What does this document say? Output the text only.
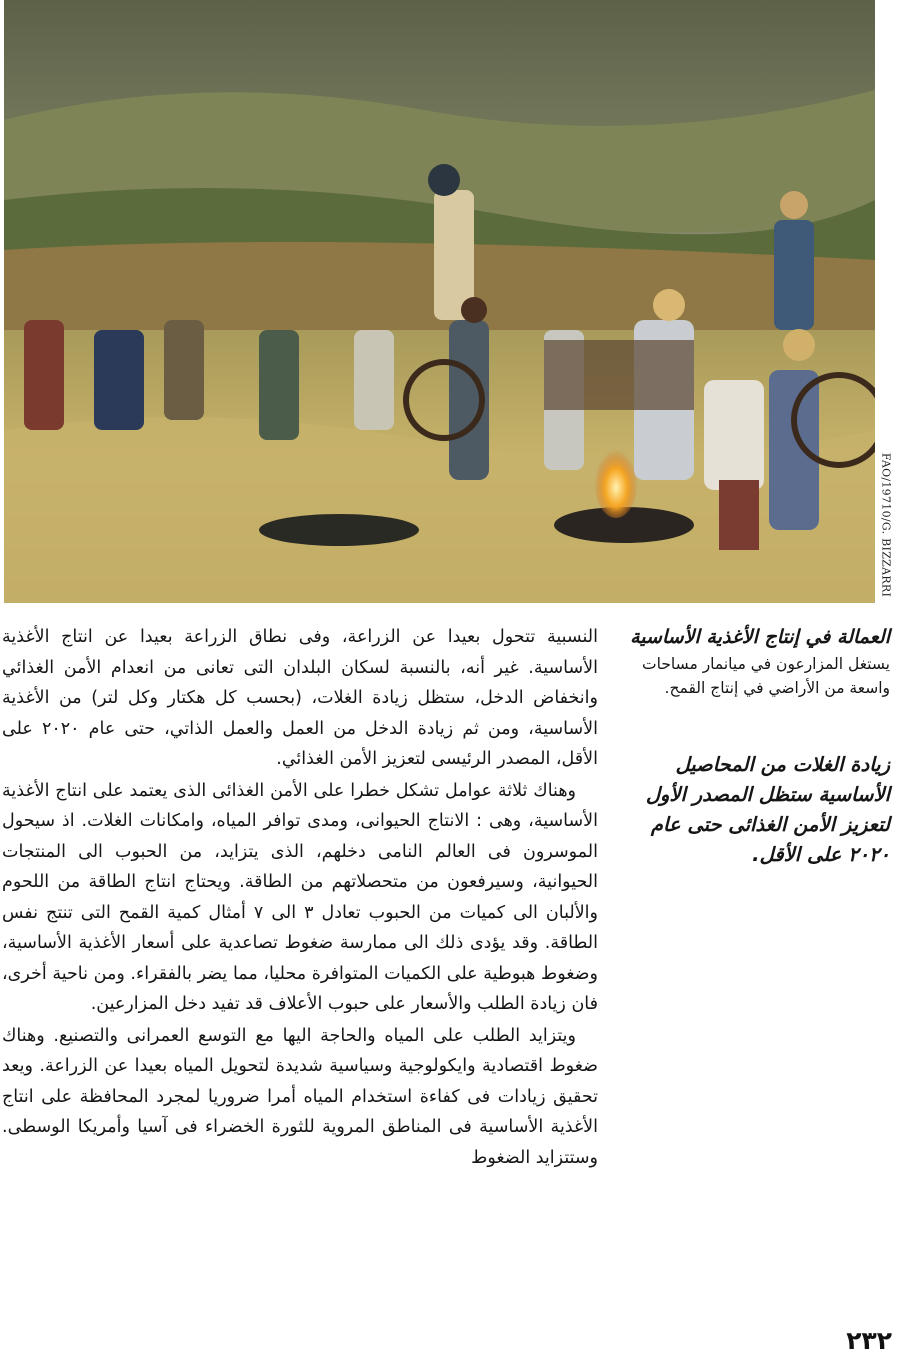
FAO/19710/G. BIZZARRI

العمالة في إنتاج الأغذية الأساسية

يستغل المزارعون في ميانمار مساحات واسعة من الأراضي في إنتاج القمح.

زيادة الغلات من المحاصيل الأساسية ستظل المصدر الأول لتعزيز الأمن الغذائى حتى عام ٢٠٢٠ على الأقل.

النسبية تتحول بعيدا عن الزراعة، وفى نطاق الزراعة بعيدا عن انتاج الأغذية الأساسية. غير أنه، بالنسبة لسكان البلدان التى تعانى من انعدام الأمن الغذائي وانخفاض الدخل، ستظل زيادة الغلات، (بحسب كل هكتار وكل لتر) من الأغذية الأساسية، ومن ثم زيادة الدخل من العمل والعمل الذاتي، حتى عام ٢٠٢٠ على الأقل، المصدر الرئيسى لتعزيز الأمن الغذائي.

وهناك ثلاثة عوامل تشكل خطرا على الأمن الغذائى الذى يعتمد على انتاج الأغذية الأساسية، وهى : الانتاج الحيوانى، ومدى توافر المياه، وامكانات الغلات. اذ سيحول الموسرون فى العالم النامى دخلهم، الذى يتزايد، من الحبوب الى المنتجات الحيوانية، وسيرفعون من متحصلاتهم من الطاقة. ويحتاج انتاج الطاقة من اللحوم والألبان الى كميات من الحبوب تعادل ٣ الى ٧ أمثال كمية القمح التى تنتج نفس الطاقة. وقد يؤدى ذلك الى ممارسة ضغوط تصاعدية على أسعار الأغذية الأساسية، وضغوط هبوطية على الكميات المتوافرة محليا، مما يضر بالفقراء. ومن ناحية أخرى، فان زيادة الطلب والأسعار على حبوب الأعلاف قد تفيد دخل المزارعين.

ويتزايد الطلب على المياه والحاجة اليها مع التوسع العمرانى والتصنيع. وهناك ضغوط اقتصادية وايكولوجية وسياسية شديدة لتحويل المياه بعيدا عن الزراعة. ويعد تحقيق زيادات فى كفاءة استخدام المياه أمرا ضروريا لمجرد المحافظة على انتاج الأغذية الأساسية فى المناطق المروية للثورة الخضراء فى آسيا وأمريكا الوسطى. وستتزايد الضغوط

٢٣٢
